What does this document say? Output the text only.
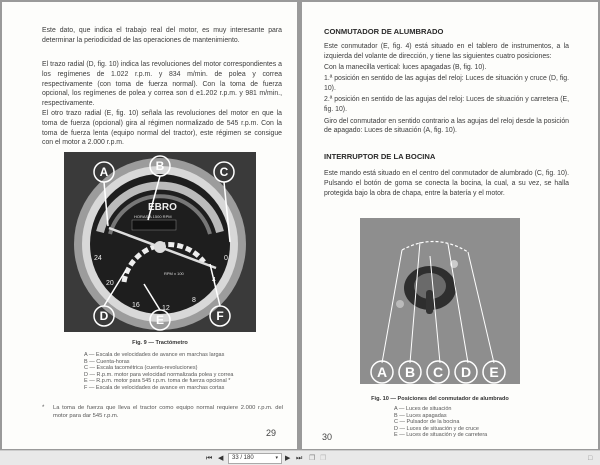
Este dato, que indica el trabajo real del motor, es muy interesante para determinar la periodicidad de las operaciones de mantenimiento.
El trazo radial (D, fig. 10) indica las revoluciones del motor correspondientes a los regímenes de 1.022 r.p.m. y 834 m/min. de polea y correa respectivamente (con toma de fuerza normal). Con la toma de fuerza opcional, los regímenes de polea y correa son d e1.202 r.p.m. y 981 m/min., respectivamente.
El otro trazo radial (E, fig. 10) señala las revoluciones del motor en que la toma de fuerza (opcional) gira al régimen normalizado de 545 r.p.m. Con la toma de fuerza lenta (equipo normal del tractor), este régimen se consigue con el motor a 2.000 r.p.m.
EBRO
HORAS A 1500 RPM
RPM x 100
24
20
16	12
8
4
0
A	B	C
D	E	F
Fig. 9 — Tractómetro
A — Escala de velocidades de avance en marchas largas
B — Cuenta-horas
C — Escala tacométrica (cuenta-revoluciones)
D — R.p.m. motor para velocidad normalizada polea y correa
E — R.p.m. motor para 545 r.p.m. toma de fuerza opcional *
F — Escala de velocidades de avance en marchas cortas
* La toma de fuerza que lleva el tractor como equipo normal requiere 2.000 r.p.m. del motor para dar 545 r.p.m.
29
CONMUTADOR DE ALUMBRADO
Este conmutador (E, fig. 4) está situado en el tablero de instrumentos, a la izquierda del volante de dirección, y tiene las siguientes cuatro posiciones:
Con la manecilla vertical: luces apagadas (B, fig. 10).
1.ª posición en sentido de las agujas del reloj: Luces de situación y cruce (D, fig. 10).
2.ª posición en sentido de las agujas del reloj: Luces de situación y carretera (E, fig. 10).
Giro del conmutador en sentido contrario a las agujas del reloj desde la posición de apagado: Luces de situación (A, fig. 10).
INTERRUPTOR DE LA BOCINA
Este mando está situado en el centro del conmutador de alumbrado (C, fig. 10). Pulsando el botón de goma se conecta la bocina, la cual, a su vez, se halla protegida bajo la obra de chapa, entre la batería y el motor.
A B C D E
Fig. 10 — Posiciones del conmutador de alumbrado
A — Luces de situación
B — Luces apagadas
C — Pulsador de la bocina
D — Luces de situación y de cruce
E — Luces de situación y de carretera
30
⏮ ◀	33 / 180	▾ ▶ ⏭ ❐ ❐	□
